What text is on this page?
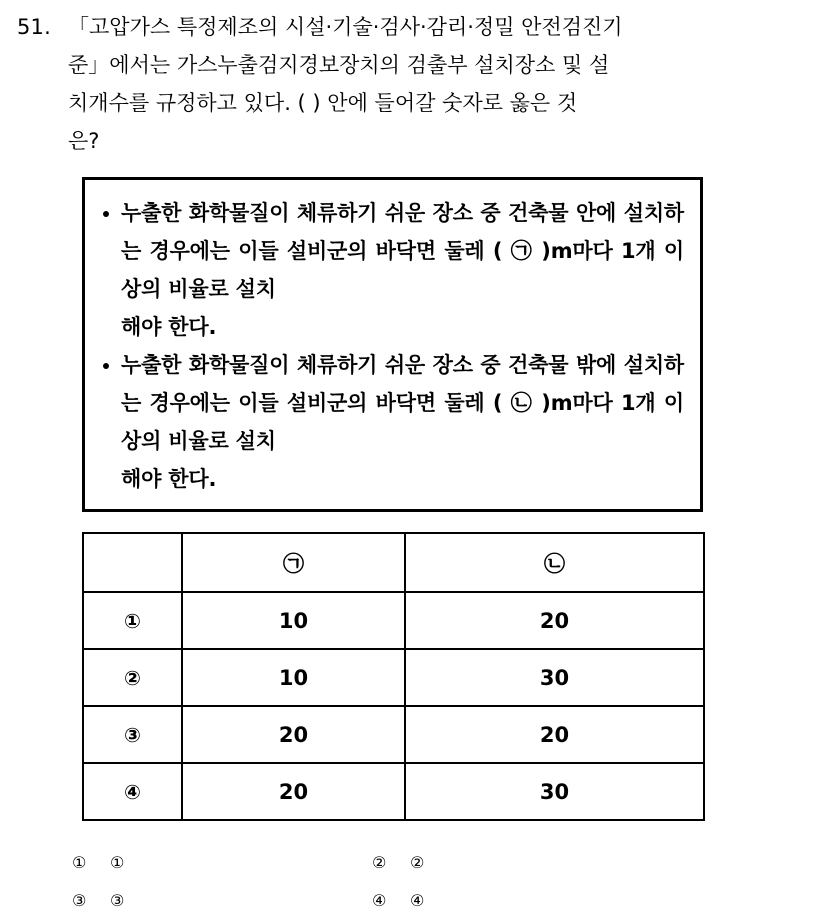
51. 「고압가스 특정제조의 시설·기술·검사·감리·정밀 안전검진기
준」에서는 가스누출검지경보장치의 검출부 설치장소 및 설
치개수를 규정하고 있다. ( ) 안에 들어갈 숫자로 옳은 것
은?
누출한 화학물질이 체류하기 쉬운 장소 중 건축물 안에 설치하는 경우에는 이들 설비군의 바닥면 둘레 ( ㉠ )m마다 1개 이상의 비율로 설치
해야 한다.
누출한 화학물질이 체류하기 쉬운 장소 중 건축물 밖에 설치하는 경우에는 이들 설비군의 바닥면 둘레 ( ㉡ )m마다 1개 이상의 비율로 설치
해야 한다.
	㉠	㉡
①	10	20
②	10	30
③	20	20
④	20	30
①	①	②	②
③	③	④	④
